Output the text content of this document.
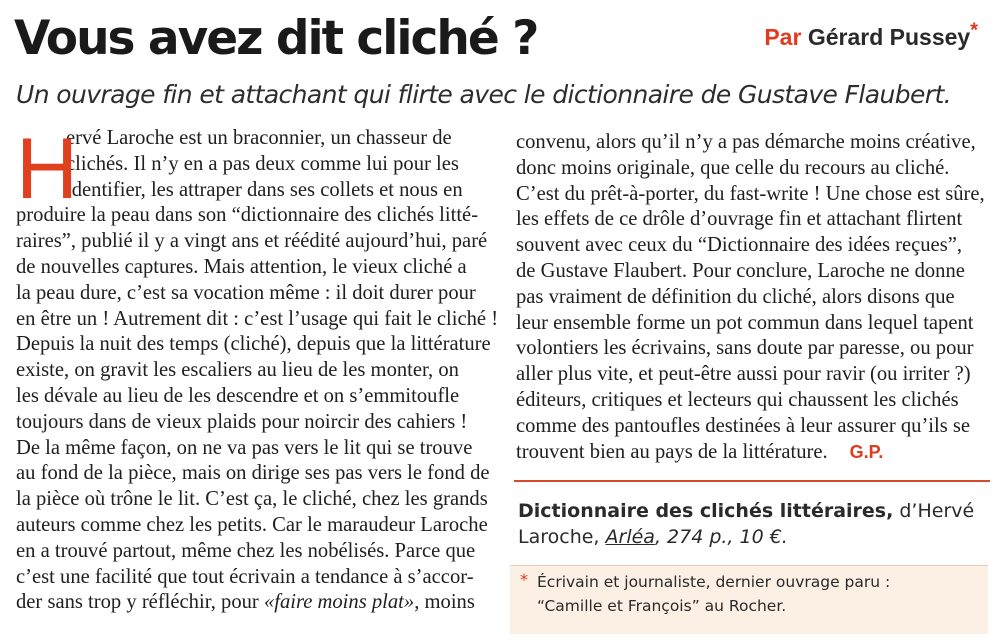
Vous avez dit cliché ?	Par Gérard Pussey*
Un ouvrage fin et attachant qui flirte avec le dictionnaire de Gustave Flaubert.
H
ervé Laroche est un braconnier, un chasseur de
clichés. Il n’y en a pas deux comme lui pour les
identifier, les attraper dans ses collets et nous en
produire la peau dans son “dictionnaire des clichés litté-
raires”, publié il y a vingt ans et réédité aujourd’hui, paré
de nouvelles captures. Mais attention, le vieux cliché a
la peau dure, c’est sa vocation même : il doit durer pour
en être un ! Autrement dit : c’est l’usage qui fait le cliché !
Depuis la nuit des temps (cliché), depuis que la littérature
existe, on gravit les escaliers au lieu de les monter, on
les dévale au lieu de les descendre et on s’emmitoufle
toujours dans de vieux plaids pour noircir des cahiers !
De la même façon, on ne va pas vers le lit qui se trouve
au fond de la pièce, mais on dirige ses pas vers le fond de
la pièce où trône le lit. C’est ça, le cliché, chez les grands
auteurs comme chez les petits. Car le maraudeur Laroche
en a trouvé partout, même chez les nobélisés. Parce que
c’est une facilité que tout écrivain a tendance à s’accor-
der sans trop y réfléchir, pour «faire moins plat», moins
convenu, alors qu’il n’y a pas démarche moins créative,
donc moins originale, que celle du recours au cliché.
C’est du prêt-à-porter, du fast-write ! Une chose est sûre,
les effets de ce drôle d’ouvrage fin et attachant flirtent
souvent avec ceux du “Dictionnaire des idées reçues”,
de Gustave Flaubert. Pour conclure, Laroche ne donne
pas vraiment de définition du cliché, alors disons que
leur ensemble forme un pot commun dans lequel tapent
volontiers les écrivains, sans doute par paresse, ou pour
aller plus vite, et peut-être aussi pour ravir (ou irriter ?)
éditeurs, critiques et lecteurs qui chaussent les clichés
comme des pantoufles destinées à leur assurer qu’ils se
trouvent bien au pays de la littérature. G.P.
Dictionnaire des clichés littéraires, d’Hervé
Laroche, Arléa, 274 p., 10 €.
* Écrivain et journaliste, dernier ouvrage paru :
“Camille et François” au Rocher.
